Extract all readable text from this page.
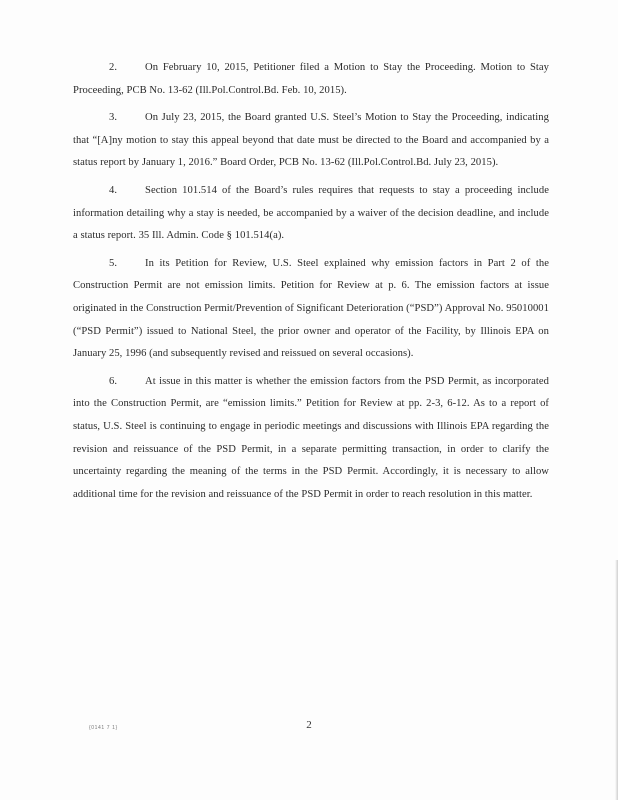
2.	On February 10, 2015, Petitioner filed a Motion to Stay the Proceeding. Motion to Stay Proceeding, PCB No. 13-62 (Ill.Pol.Control.Bd. Feb. 10, 2015).

3.	On July 23, 2015, the Board granted U.S. Steel’s Motion to Stay the Proceeding, indicating that “[A]ny motion to stay this appeal beyond that date must be directed to the Board and accompanied by a status report by January 1, 2016.” Board Order, PCB No. 13-62 (Ill.Pol.Control.Bd. July 23, 2015).

4.	Section 101.514 of the Board’s rules requires that requests to stay a proceeding include information detailing why a stay is needed, be accompanied by a waiver of the decision deadline, and include a status report. 35 Ill. Admin. Code § 101.514(a).

5.	In its Petition for Review, U.S. Steel explained why emission factors in Part 2 of the Construction Permit are not emission limits. Petition for Review at p. 6. The emission factors at issue originated in the Construction Permit/Prevention of Significant Deterioration (“PSD”) Approval No. 95010001 (“PSD Permit”) issued to National Steel, the prior owner and operator of the Facility, by Illinois EPA on January 25, 1996 (and subsequently revised and reissued on several occasions).

6.	At issue in this matter is whether the emission factors from the PSD Permit, as incorporated into the Construction Permit, are “emission limits.” Petition for Review at pp. 2-3, 6-12. As to a report of status, U.S. Steel is continuing to engage in periodic meetings and discussions with Illinois EPA regarding the revision and reissuance of the PSD Permit, in a separate permitting transaction, in order to clarify the uncertainty regarding the meaning of the terms in the PSD Permit. Accordingly, it is necessary to allow additional time for the revision and reissuance of the PSD Permit in order to reach resolution in this matter.

{0141 7 1}	2
